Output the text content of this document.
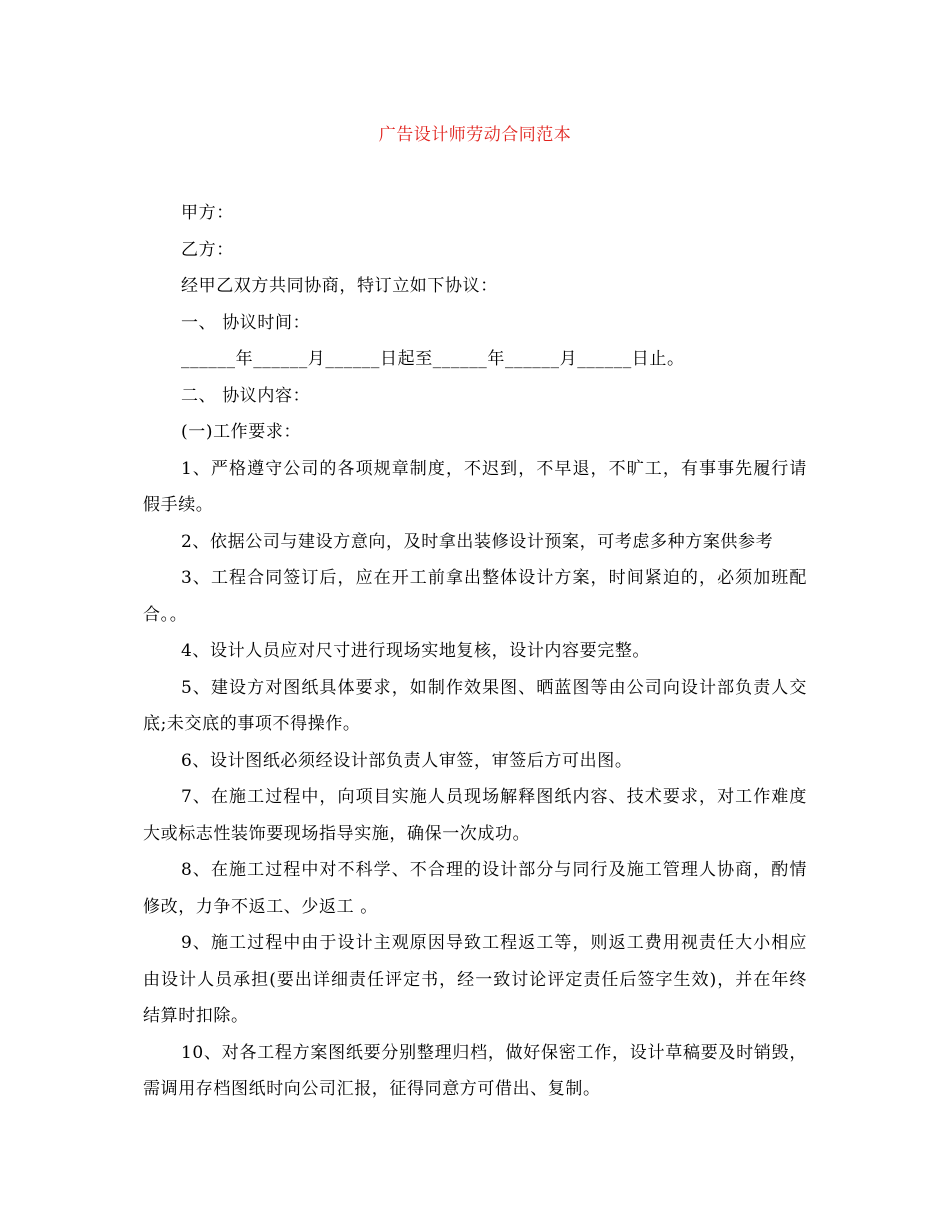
广告设计师劳动合同范本

甲方：

乙方：

经甲乙双方共同协商，特订立如下协议：

一、 协议时间：

______年______月______日起至______年______月______日止。

二、 协议内容：

(一)工作要求：

1、严格遵守公司的各项规章制度，不迟到，不早退，不旷工，有事事先履行请假手续。

2、依据公司与建设方意向，及时拿出装修设计预案，可考虑多种方案供参考

3、工程合同签订后，应在开工前拿出整体设计方案，时间紧迫的，必须加班配合。。

4、设计人员应对尺寸进行现场实地复核，设计内容要完整。

5、建设方对图纸具体要求，如制作效果图、晒蓝图等由公司向设计部负责人交底;未交底的事项不得操作。

6、设计图纸必须经设计部负责人审签，审签后方可出图。

7、在施工过程中，向项目实施人员现场解释图纸内容、技术要求，对工作难度大或标志性装饰要现场指导实施，确保一次成功。

8、在施工过程中对不科学、不合理的设计部分与同行及施工管理人协商，酌情修改，力争不返工、少返工 。

9、施工过程中由于设计主观原因导致工程返工等，则返工费用视责任大小相应由设计人员承担(要出详细责任评定书，经一致讨论评定责任后签字生效)，并在年终结算时扣除。

10、对各工程方案图纸要分别整理归档，做好保密工作，设计草稿要及时销毁，需调用存档图纸时向公司汇报，征得同意方可借出、复制。
